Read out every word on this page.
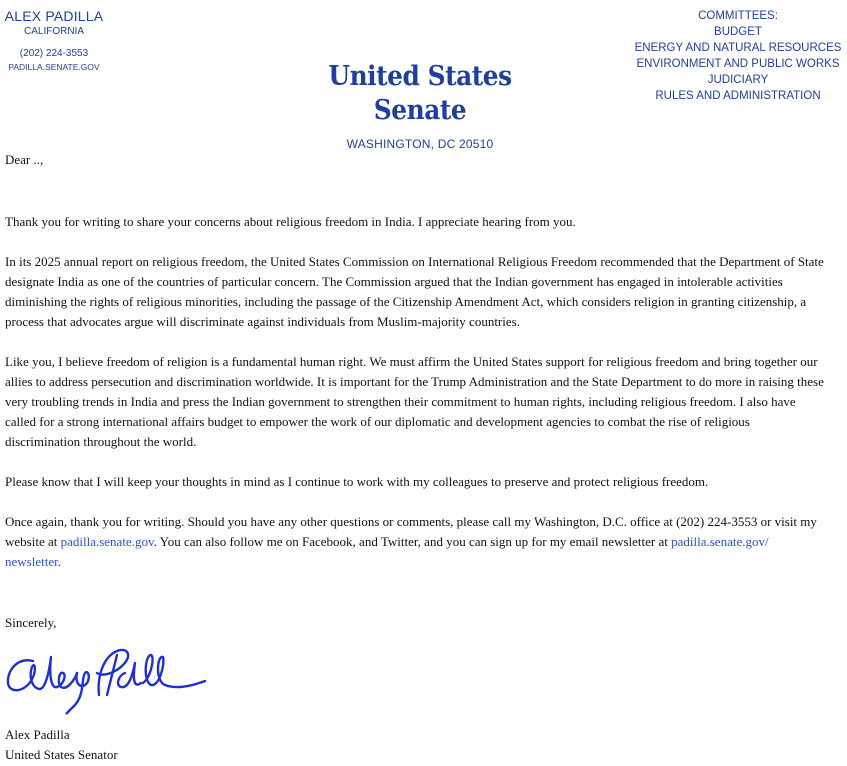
ALEX PADILLA
CALIFORNIA
(202) 224-3553
PADILLA.SENATE.GOV	United States Senate
WASHINGTON, DC 20510
COMMITTEES:
BUDGET
ENERGY AND NATURAL RESOURCES
ENVIRONMENT AND PUBLIC WORKS
JUDICIARY
RULES AND ADMINISTRATION

Dear ..,

Thank you for writing to share your concerns about religious freedom in India. I appreciate hearing from you.

In its 2025 annual report on religious freedom, the United States Commission on International Religious Freedom recommended that the Department of State designate India as one of the countries of particular concern. The Commission argued that the Indian government has engaged in intolerable activities diminishing the rights of religious minorities, including the passage of the Citizenship Amendment Act, which considers religion in granting citizenship, a process that advocates argue will discriminate against individuals from Muslim-majority countries.

Like you, I believe freedom of religion is a fundamental human right. We must affirm the United States support for religious freedom and bring together our allies to address persecution and discrimination worldwide. It is important for the Trump Administration and the State Department to do more in raising these very troubling trends in India and press the Indian government to strengthen their commitment to human rights, including religious freedom. I also have called for a strong international affairs budget to empower the work of our diplomatic and development agencies to combat the rise of religious discrimination throughout the world.

Please know that I will keep your thoughts in mind as I continue to work with my colleagues to preserve and protect religious freedom.

Once again, thank you for writing. Should you have any other questions or comments, please call my Washington, D.C. office at (202) 224-3553 or visit my website at padilla.senate.gov. You can also follow me on Facebook, and Twitter, and you can sign up for my email newsletter at padilla.senate.gov/ newsletter.

Sincerely,

Alex Padilla

United States Senator
